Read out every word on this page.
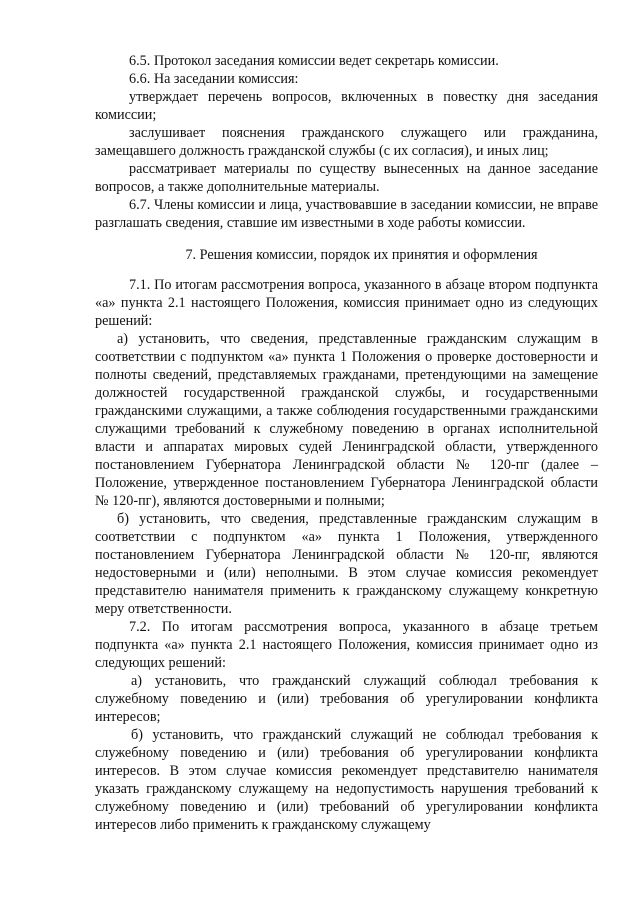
6.5. Протокол заседания комиссии ведет секретарь комиссии.

6.6. На заседании комиссия:

утверждает перечень вопросов, включенных в повестку дня заседания комиссии;

заслушивает пояснения гражданского служащего или гражданина, замещавшего должность гражданской службы (с их согласия), и иных лиц;

рассматривает материалы по существу вынесенных на данное заседание вопросов, а также дополнительные материалы.

6.7. Члены комиссии и лица, участвовавшие в заседании комиссии, не вправе разглашать сведения, ставшие им известными в ходе работы комиссии.

7. Решения комиссии, порядок их принятия и оформления

7.1. По итогам рассмотрения вопроса, указанного в абзаце втором подпункта «а» пункта 2.1 настоящего Положения, комиссия принимает одно из следующих решений:

а) установить, что сведения, представленные гражданским служащим в соответствии с подпунктом «а» пункта 1 Положения о проверке достоверности и полноты сведений, представляемых гражданами, претендующими на замещение должностей государственной гражданской службы, и государственными гражданскими служащими, а также соблюдения государственными гражданскими служащими требований к служебному поведению в органах исполнительной власти и аппаратах мировых судей Ленинградской области, утвержденного постановлением Губернатора Ленинградской области № 120-пг (далее – Положение, утвержденное постановлением Губернатора Ленинградской области № 120-пг), являются достоверными и полными;

б) установить, что сведения, представленные гражданским служащим в соответствии с подпунктом «а» пункта 1 Положения, утвержденного постановлением Губернатора Ленинградской области № 120-пг, являются недостоверными и (или) неполными. В этом случае комиссия рекомендует представителю нанимателя применить к гражданскому служащему конкретную меру ответственности.

7.2. По итогам рассмотрения вопроса, указанного в абзаце третьем подпункта «а» пункта 2.1 настоящего Положения, комиссия принимает одно из следующих решений:

а) установить, что гражданский служащий соблюдал требования к служебному поведению и (или) требования об урегулировании конфликта интересов;

б) установить, что гражданский служащий не соблюдал требования к служебному поведению и (или) требования об урегулировании конфликта интересов. В этом случае комиссия рекомендует представителю нанимателя указать гражданскому служащему на недопустимость нарушения требований к служебному поведению и (или) требований об урегулировании конфликта интересов либо применить к гражданскому служащему
